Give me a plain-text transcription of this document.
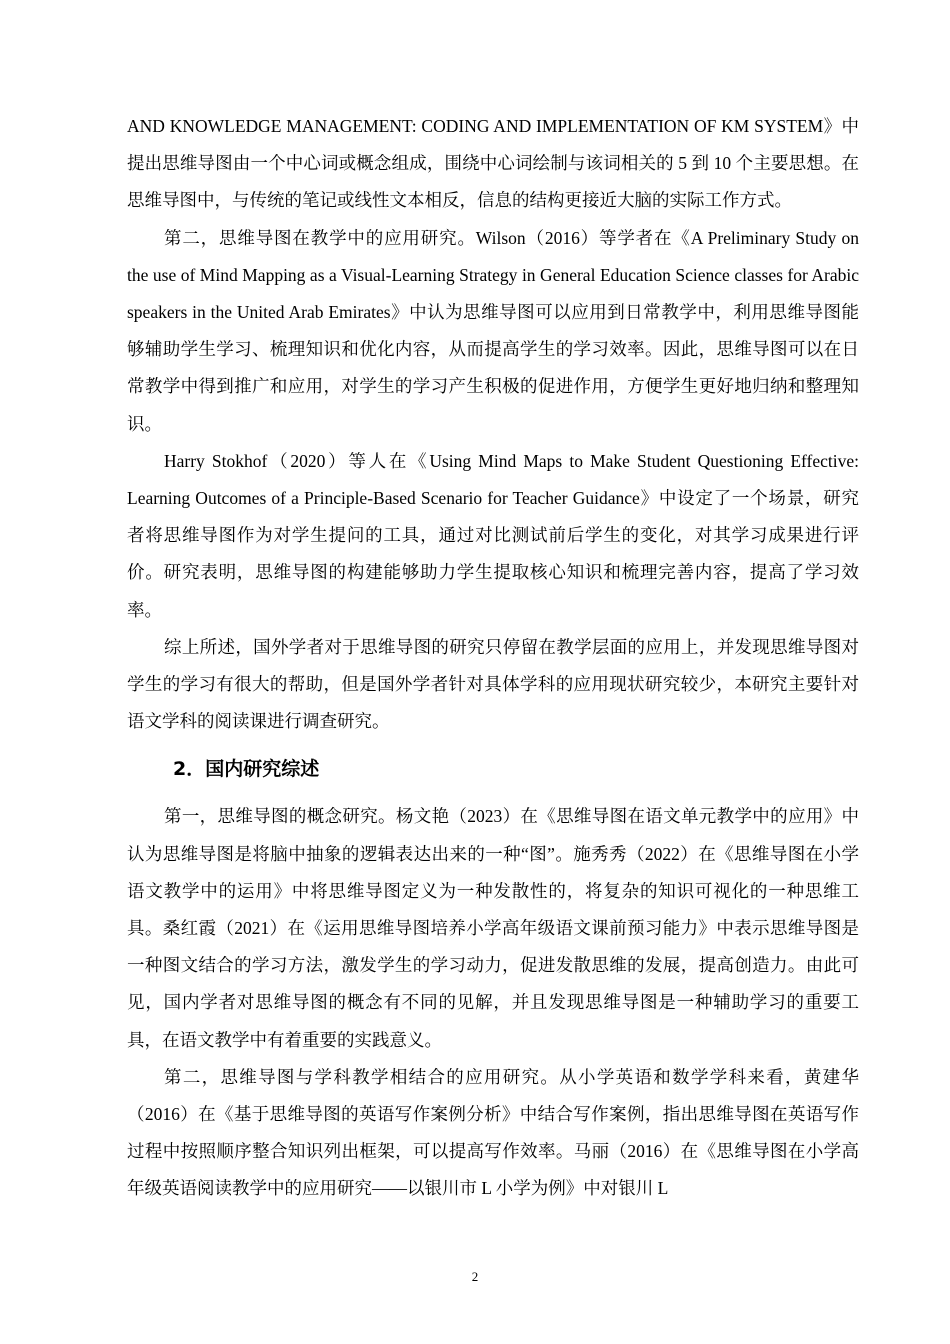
AND KNOWLEDGE MANAGEMENT: CODING AND IMPLEMENTATION OF KM SYSTEM》中提出思维导图由一个中心词或概念组成，围绕中心词绘制与该词相关的 5 到 10 个主要思想。在思维导图中，与传统的笔记或线性文本相反，信息的结构更接近大脑的实际工作方式。

第二，思维导图在教学中的应用研究。Wilson（2016）等学者在《A Preliminary Study on the use of Mind Mapping as a Visual-Learning Strategy in General Education Science classes for Arabic speakers in the United Arab Emirates》中认为思维导图可以应用到日常教学中，利用思维导图能够辅助学生学习、梳理知识和优化内容，从而提高学生的学习效率。因此，思维导图可以在日常教学中得到推广和应用，对学生的学习产生积极的促进作用，方便学生更好地归纳和整理知识。

Harry Stokhof（2020）等人在《Using Mind Maps to Make Student Questioning Effective: Learning Outcomes of a Principle-Based Scenario for Teacher Guidance》中设定了一个场景，研究者将思维导图作为对学生提问的工具，通过对比测试前后学生的变化，对其学习成果进行评价。研究表明，思维导图的构建能够助力学生提取核心知识和梳理完善内容，提高了学习效率。

综上所述，国外学者对于思维导图的研究只停留在教学层面的应用上，并发现思维导图对学生的学习有很大的帮助，但是国外学者针对具体学科的应用现状研究较少，本研究主要针对语文学科的阅读课进行调查研究。

2．国内研究综述

第一，思维导图的概念研究。杨文艳（2023）在《思维导图在语文单元教学中的应用》中认为思维导图是将脑中抽象的逻辑表达出来的一种“图”。施秀秀（2022）在《思维导图在小学语文教学中的运用》中将思维导图定义为一种发散性的，将复杂的知识可视化的一种思维工具。桑红霞（2021）在《运用思维导图培养小学高年级语文课前预习能力》中表示思维导图是一种图文结合的学习方法，激发学生的学习动力，促进发散思维的发展，提高创造力。由此可见，国内学者对思维导图的概念有不同的见解，并且发现思维导图是一种辅助学习的重要工具，在语文教学中有着重要的实践意义。

第二，思维导图与学科教学相结合的应用研究。从小学英语和数学学科来看，黄建华（2016）在《基于思维导图的英语写作案例分析》中结合写作案例，指出思维导图在英语写作过程中按照顺序整合知识列出框架，可以提高写作效率。马丽（2016）在《思维导图在小学高年级英语阅读教学中的应用研究——以银川市 L 小学为例》中对银川 L

2
